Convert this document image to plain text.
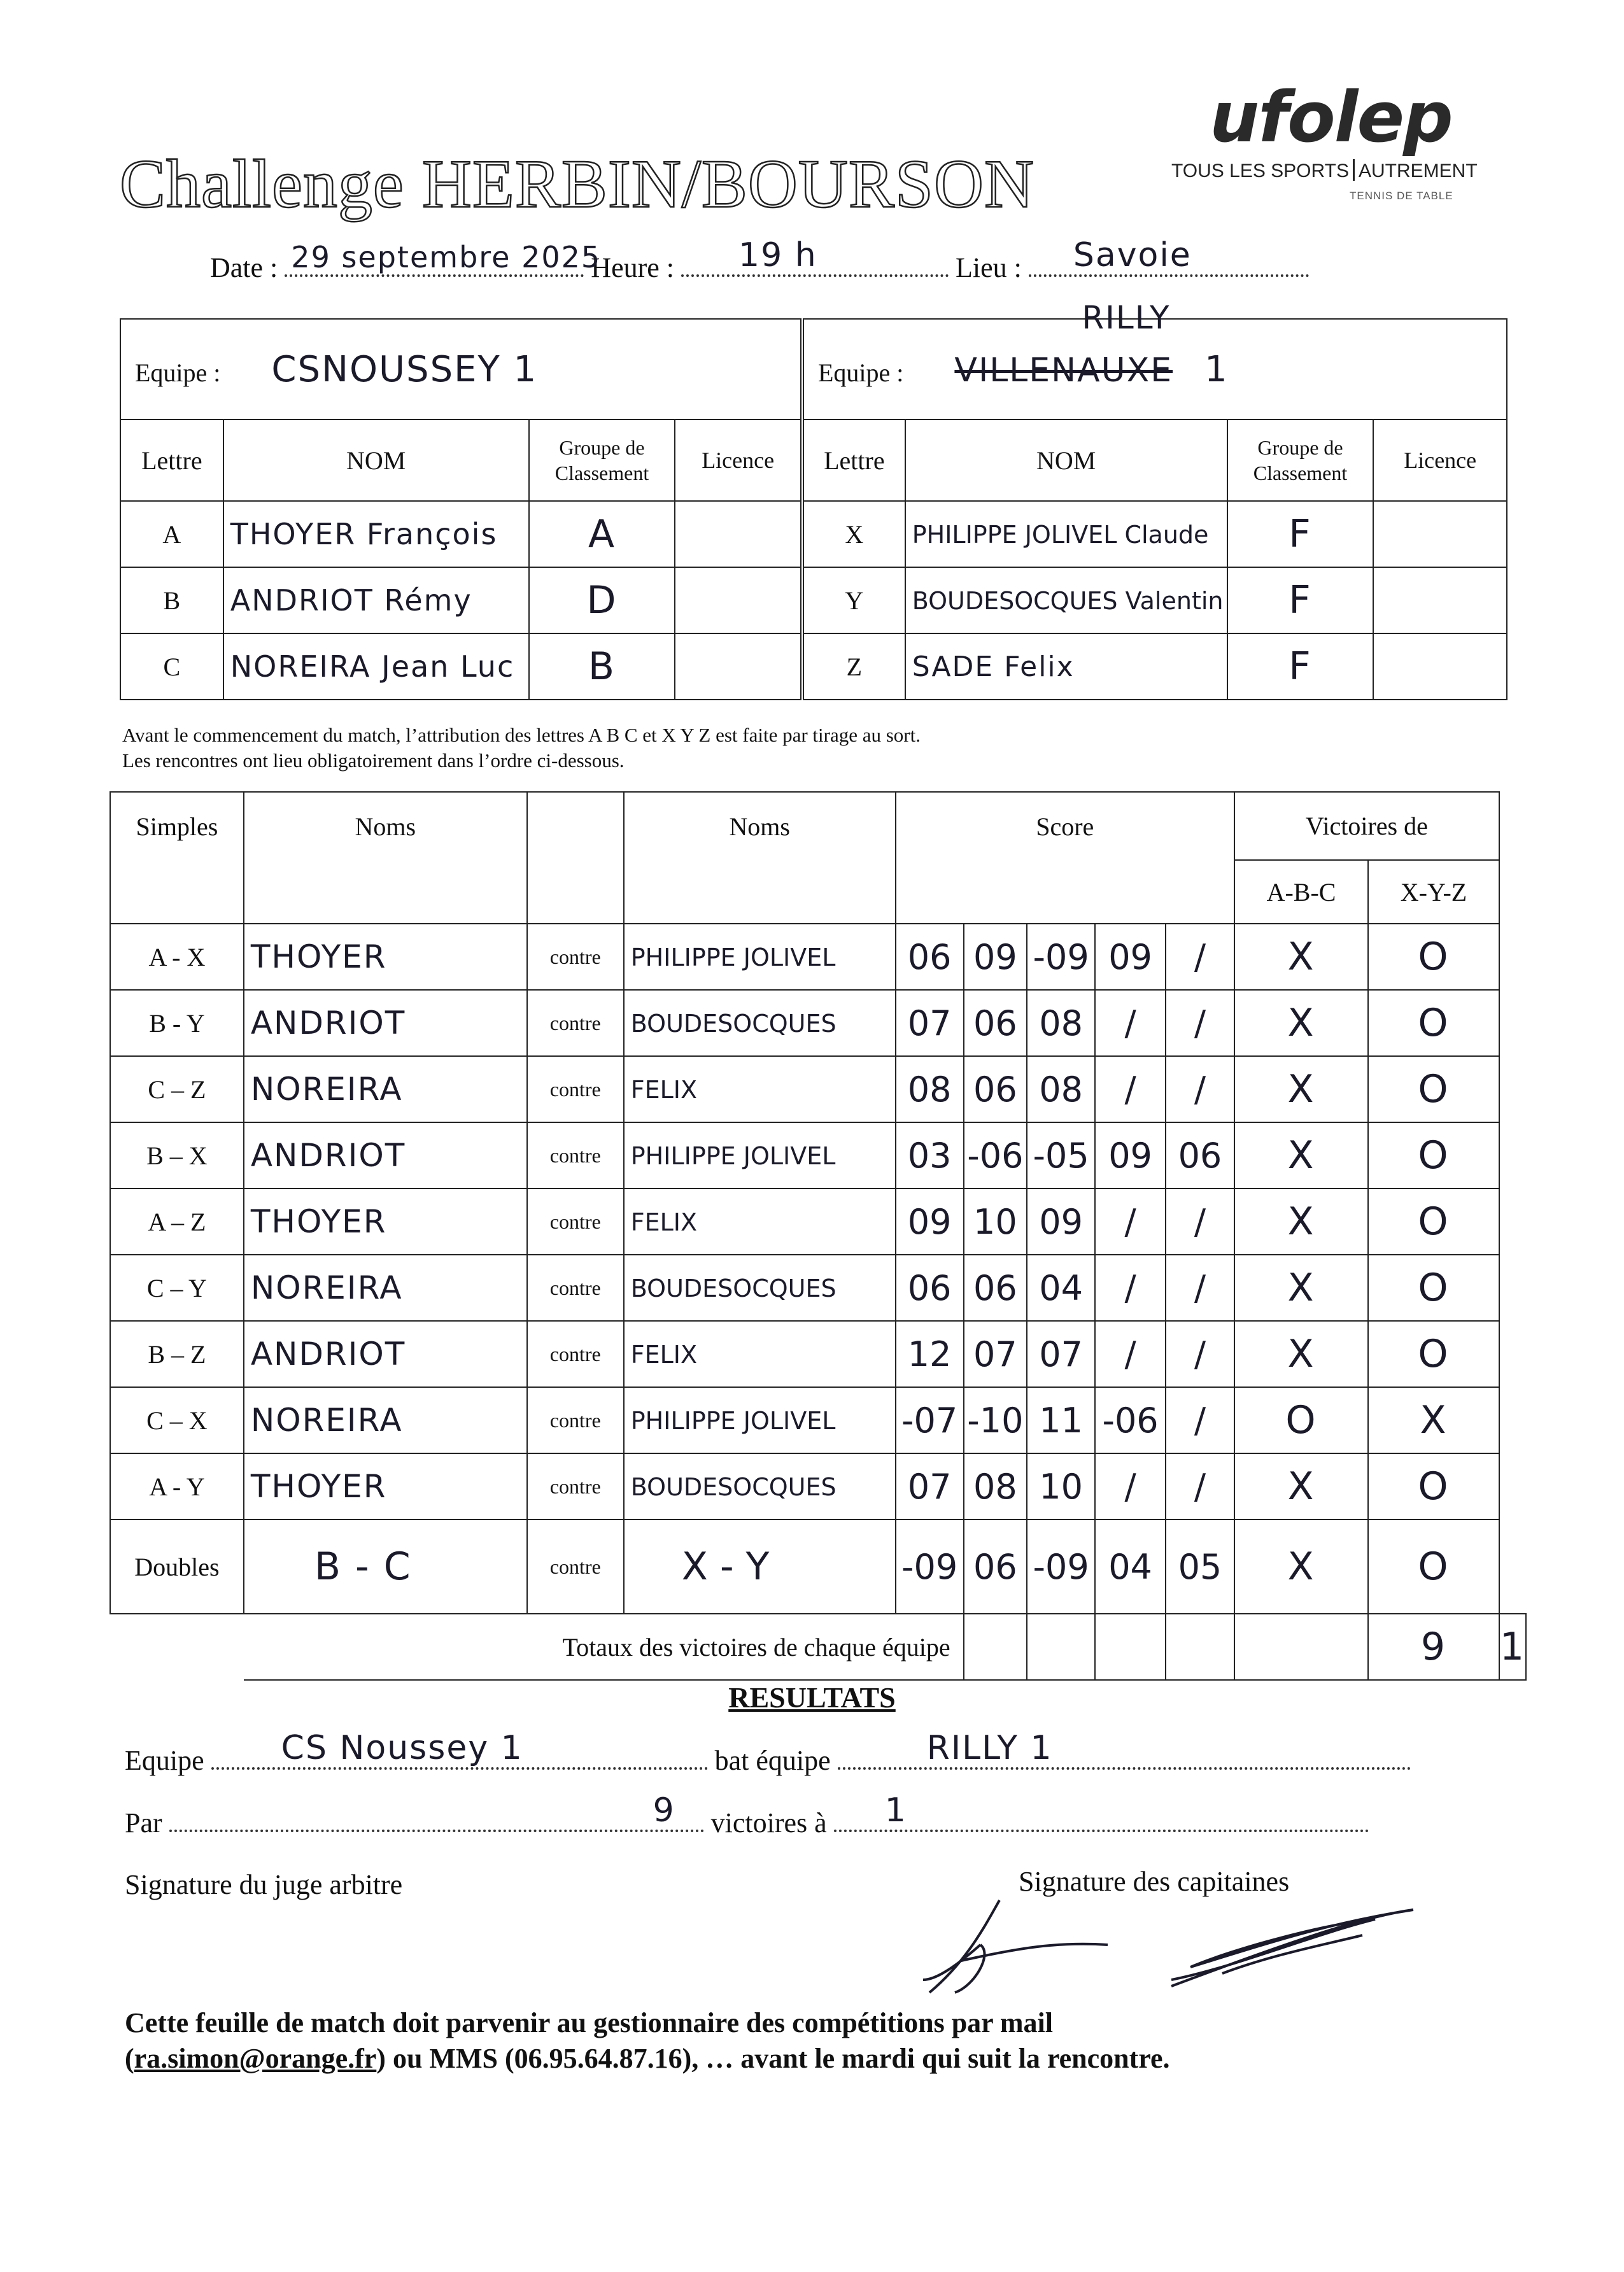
Challenge HERBIN/BOURSON
ufolep
TOUS LES SPORTS AUTREMENT
TENNIS DE TABLE
Date : 29 septembre 2025
Heure : 19 h	Lieu : Savoie
Equipe : CSNOUSSEY 1				Equipe :
RILLY
VILLENAUXE 1			
Lettre	NOM	Groupe de
Classement	Licence	Lettre	NOM	Groupe de
Classement	Licence
A	THOYER François	A		X	PHILIPPE JOLIVEL Claude	F	
B	ANDRIOT Rémy	D		Y	BOUDESOCQUES Valentin	F	
C	NOREIRA Jean Luc	B		Z	SADE Felix	F	
Avant le commencement du match, l’attribution des lettres A B C et X Y Z est faite par tirage au sort.
Les rencontres ont lieu obligatoirement dans l’ordre ci-dessous.
Simples	Noms		Noms	Score					Victoires de		
									A-B-C	X-Y-Z	
A - X	THOYER	contre	PHILIPPE JOLIVEL	06	09	-09	09	/	X	O	
B - Y	ANDRIOT	contre	BOUDESOCQUES	07	06	08	/	/	X	O	
C – Z	NOREIRA	contre	FELIX	08	06	08	/	/	X	O	
B – X	ANDRIOT	contre	PHILIPPE JOLIVEL	03	-06	-05	09	06	X	O	
A – Z	THOYER	contre	FELIX	09	10	09	/	/	X	O	
C – Y	NOREIRA	contre	BOUDESOCQUES	06	06	04	/	/	X	O	
B – Z	ANDRIOT	contre	FELIX	12	07	07	/	/	X	O	
C – X	NOREIRA	contre	PHILIPPE JOLIVEL	-07	-10	11	-06	/	O	X	
A - Y	THOYER	contre	BOUDESOCQUES	07	08	10	/	/	X	O	
Doubles	B - C	contre	X - Y	-09	06	-09	04	05	X	O	
	Totaux des victoires de chaque équipe									9	1
RESULTATS
Equipe CS Noussey 1	bat équipe	RILLY 1
Par	9 victoires à 1
Signature du juge arbitre	Signature des capitaines
Cette feuille de match doit parvenir au gestionnaire des compétitions par mail
(ra.simon@orange.fr) ou MMS (06.95.64.87.16), … avant le mardi qui suit la rencontre.
